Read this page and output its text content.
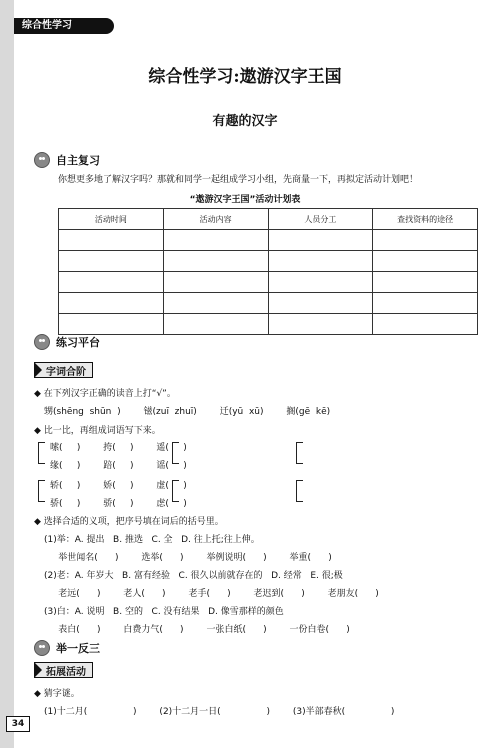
综合性学习
综合性学习:遨游汉字王国
有趣的汉字
自主复习
你想更多地了解汉字吗？那就和同学一起组成学习小组，先商量一下，再拟定活动计划吧！
“遨游汉字王国”活动计划表
活动时间	活动内容	人员分工	查找资料的途径

练习平台
字词合阶
◆ 在下列汉字正确的读音上打“√”。
甥(shēng  shūn  )        镃(zuī  zhuī)        迁(yū  xū)        搁(gē  kē)
◆ 比一比，再组成词语写下来。
嗦(     )        挎(     )        遥(     )
缘(     )        踣(     )        谣(     )
轿(     )        娇(     )        虚(     )
骄(     )        骄(     )        虑(     )
◆ 选择合适的义项，把序号填在词后的括号里。
(1)举：A. 提出   B. 推选   C. 全   D. 往上托;往上伸。
举世闻名(      )        选举(      )        举例说明(      )        举重(      )
(2)老：A. 年岁大   B. 富有经验   C. 很久以前就存在的   D. 经常   E. 很;极
老远(      )        老人(      )        老手(      )        老迟到(      )        老朋友(      )
(3)白：A. 说明   B. 空的   C. 没有结果   D. 像雪那样的颜色
表白(      )        白费力气(      )        一张白纸(      )        一份白卷(      )
举一反三
拓展活动
◆ 猜字谜。
(1)十二月(                )        (2)十二月一日(                )        (3)半部春秋(                )
34
